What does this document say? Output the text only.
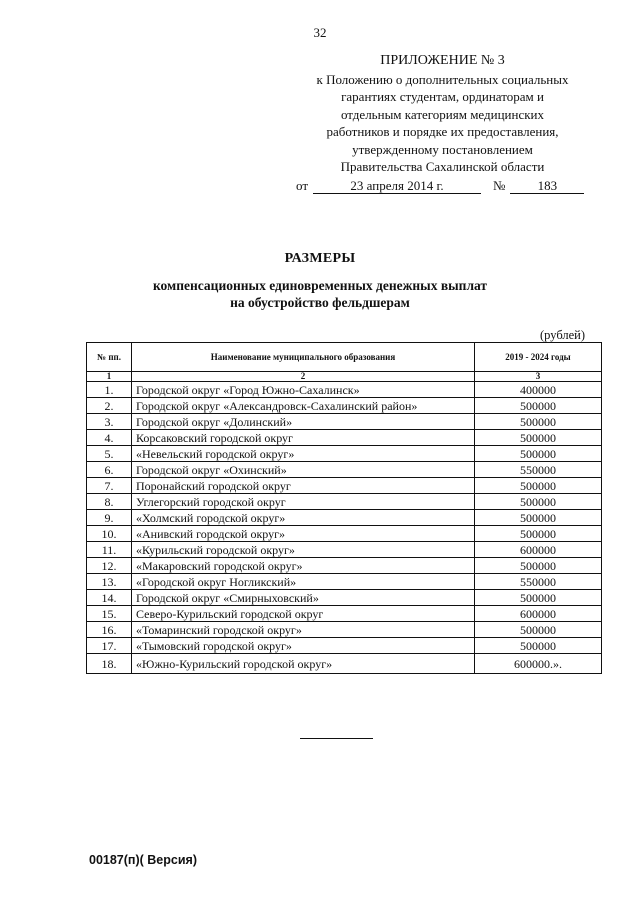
32
ПРИЛОЖЕНИЕ № 3
к Положению о дополнительных социальных
гарантиях студентам, ординаторам и
отдельным категориям медицинских
работников и порядке их предоставления,
утвержденному постановлением
Правительства Сахалинской области
от	23 апреля 2014 г.	№	183
РАЗМЕРЫ
компенсационных единовременных денежных выплат
на обустройство фельдшерам
(рублей)
№ пп.	Наименование муниципального образования	2019 - 2024 годы
1	2	3
1.	Городской округ «Город Южно-Сахалинск»	400000
2.	Городской округ «Александровск-Сахалинский район»	500000
3.	Городской округ «Долинский»	500000
4.	Корсаковский городской округ	500000
5.	«Невельский городской округ»	500000
6.	Городской округ «Охинский»	550000
7.	Поронайский городской округ	500000
8.	Углегорский городской округ	500000
9.	«Холмский городской округ»	500000
10.	«Анивский городской округ»	500000
11.	«Курильский городской округ»	600000
12.	«Макаровский городской округ»	500000
13.	«Городской округ Ногликский»	550000
14.	Городской округ «Смирныховский»	500000
15.	Северо-Курильский городской округ	600000
16.	«Томаринский городской округ»	500000
17.	«Тымовский городской округ»	500000
18.	«Южно-Курильский городской округ»	600000.».
00187(п)( Версия)
